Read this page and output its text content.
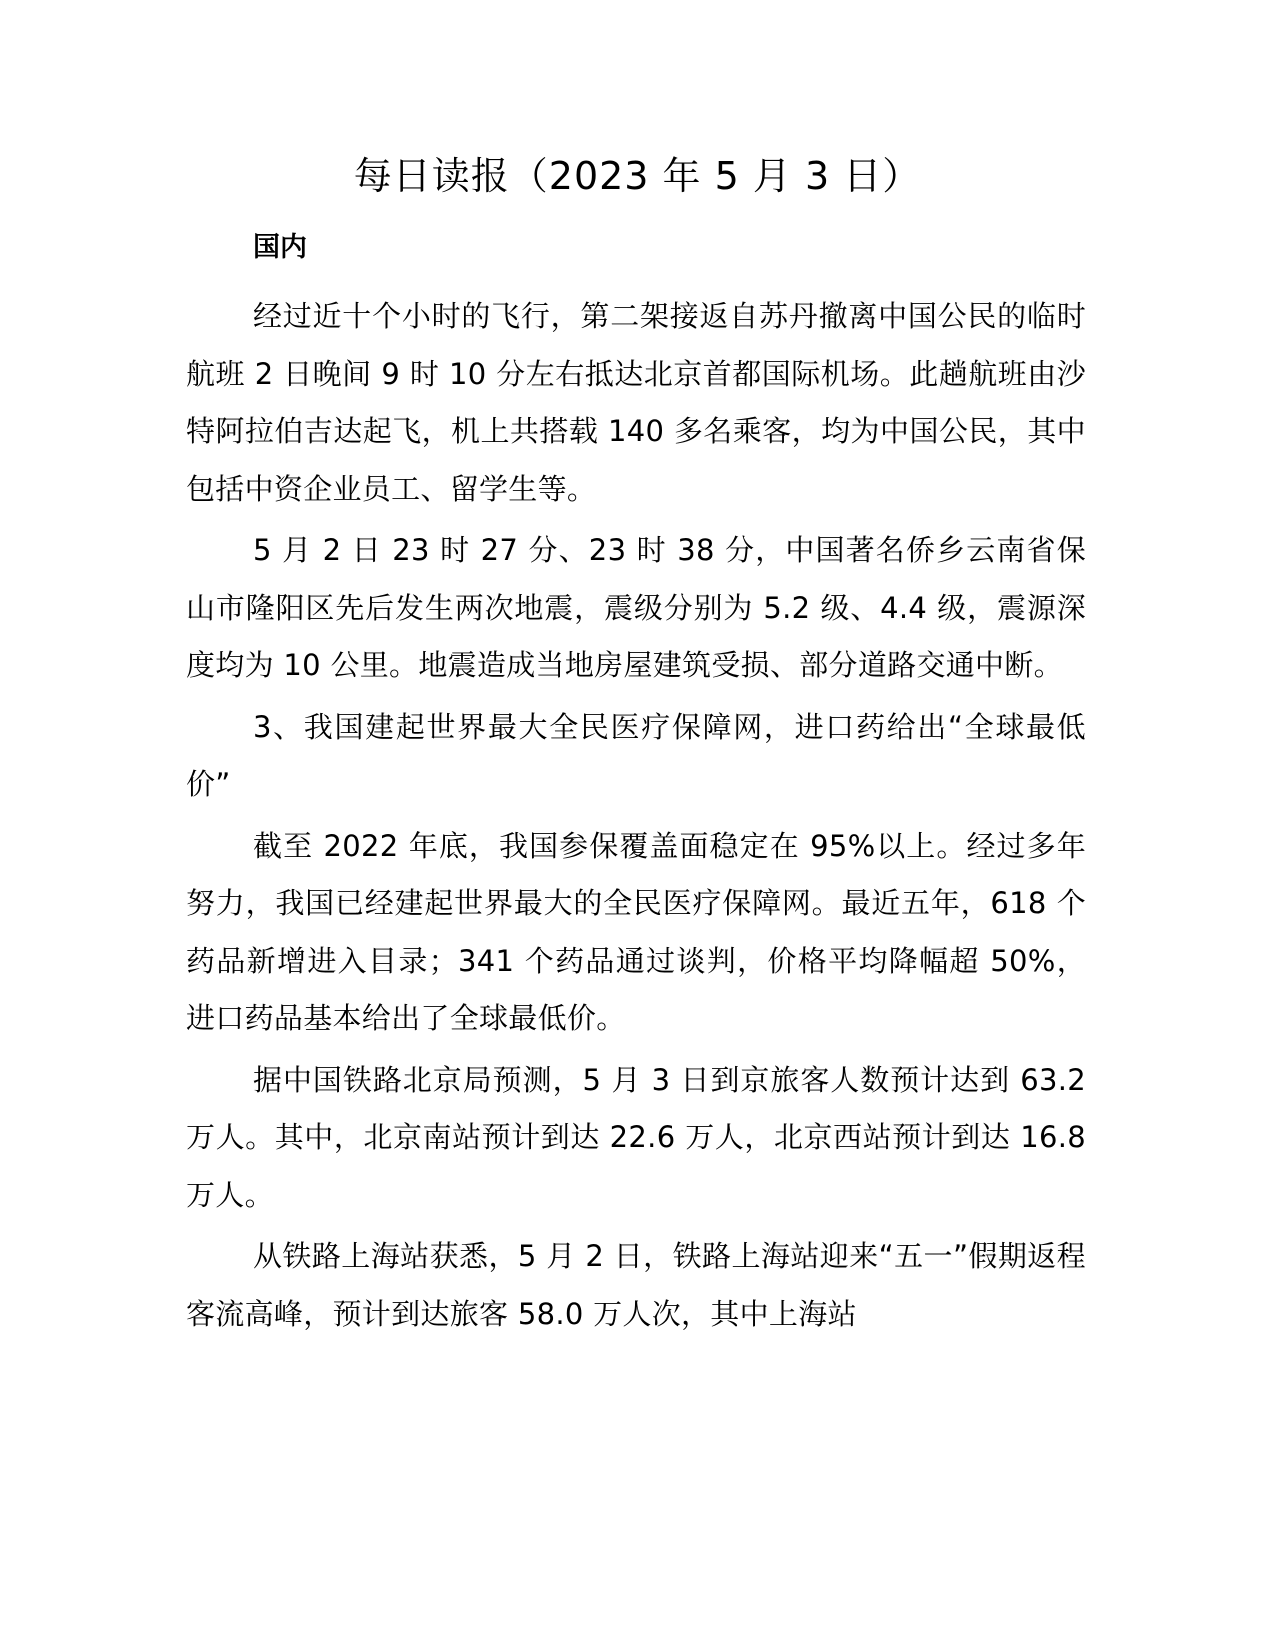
每日读报（2023 年 5 月 3 日）
国内

经过近十个小时的飞行，第二架接返自苏丹撤离中国公民的临时航班 2 日晚间 9 时 10 分左右抵达北京首都国际机场。此趟航班由沙特阿拉伯吉达起飞，机上共搭载 140 多名乘客，均为中国公民，其中包括中资企业员工、留学生等。

5 月 2 日 23 时 27 分、23 时 38 分，中国著名侨乡云南省保山市隆阳区先后发生两次地震，震级分别为 5.2 级、4.4 级，震源深度均为 10 公里。地震造成当地房屋建筑受损、部分道路交通中断。

3、我国建起世界最大全民医疗保障网，进口药给出“全球最低价”

截至 2022 年底，我国参保覆盖面稳定在 95%以上。经过多年努力，我国已经建起世界最大的全民医疗保障网。最近五年，618 个药品新增进入目录；341 个药品通过谈判，价格平均降幅超 50%，进口药品基本给出了全球最低价。

据中国铁路北京局预测，5 月 3 日到京旅客人数预计达到 63.2 万人。其中，北京南站预计到达 22.6 万人，北京西站预计到达 16.8 万人。

从铁路上海站获悉，5 月 2 日，铁路上海站迎来“五一”假期返程客流高峰，预计到达旅客 58.0 万人次，其中上海站
